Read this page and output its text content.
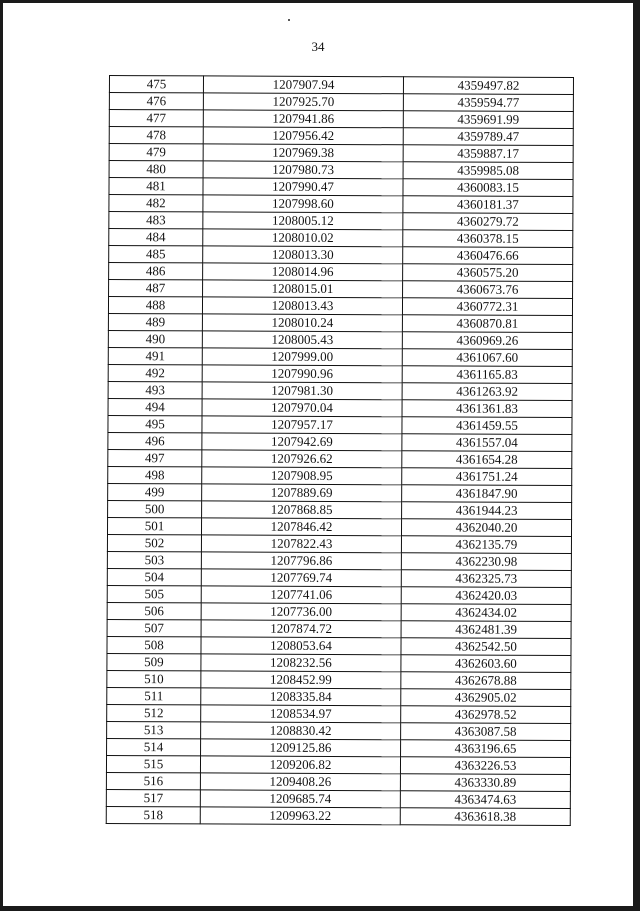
34
475	1207907.94	4359497.82
476	1207925.70	4359594.77
477	1207941.86	4359691.99
478	1207956.42	4359789.47
479	1207969.38	4359887.17
480	1207980.73	4359985.08
481	1207990.47	4360083.15
482	1207998.60	4360181.37
483	1208005.12	4360279.72
484	1208010.02	4360378.15
485	1208013.30	4360476.66
486	1208014.96	4360575.20
487	1208015.01	4360673.76
488	1208013.43	4360772.31
489	1208010.24	4360870.81
490	1208005.43	4360969.26
491	1207999.00	4361067.60
492	1207990.96	4361165.83
493	1207981.30	4361263.92
494	1207970.04	4361361.83
495	1207957.17	4361459.55
496	1207942.69	4361557.04
497	1207926.62	4361654.28
498	1207908.95	4361751.24
499	1207889.69	4361847.90
500	1207868.85	4361944.23
501	1207846.42	4362040.20
502	1207822.43	4362135.79
503	1207796.86	4362230.98
504	1207769.74	4362325.73
505	1207741.06	4362420.03
506	1207736.00	4362434.02
507	1207874.72	4362481.39
508	1208053.64	4362542.50
509	1208232.56	4362603.60
510	1208452.99	4362678.88
511	1208335.84	4362905.02
512	1208534.97	4362978.52
513	1208830.42	4363087.58
514	1209125.86	4363196.65
515	1209206.82	4363226.53
516	1209408.26	4363330.89
517	1209685.74	4363474.63
518	1209963.22	4363618.38
